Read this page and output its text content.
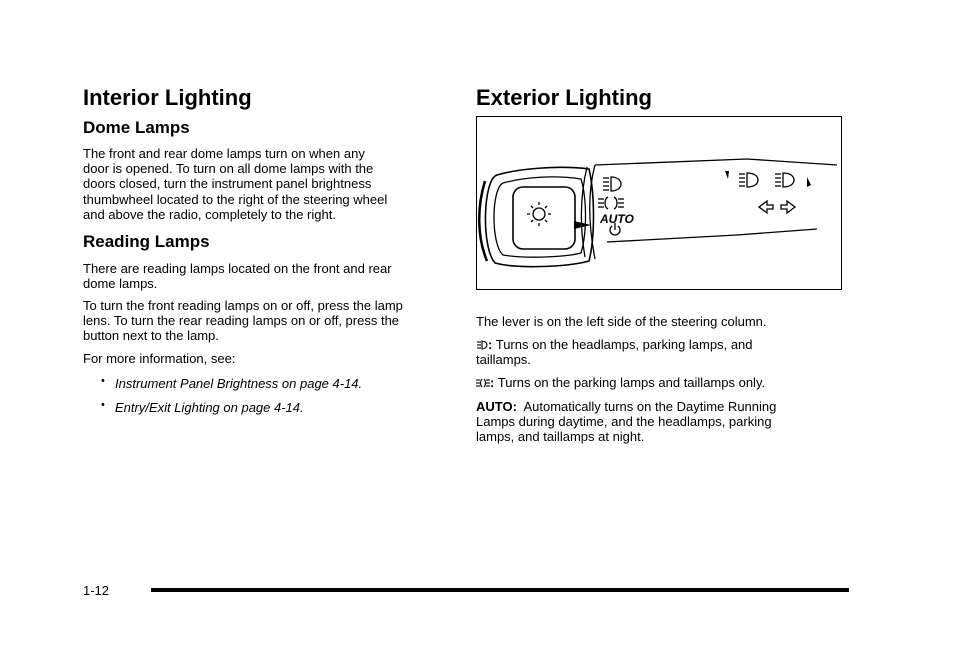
Interior Lighting
Dome Lamps
The front and rear dome lamps turn on when any
door is opened. To turn on all dome lamps with the
doors closed, turn the instrument panel brightness
thumbwheel located to the right of the steering wheel
and above the radio, completely to the right.
Reading Lamps
There are reading lamps located on the front and rear
dome lamps.
To turn the front reading lamps on or off, press the lamp
lens. To turn the rear reading lamps on or off, press the
button next to the lamp.
For more information, see:
• Instrument Panel Brightness on page 4-14.
• Entry/Exit Lighting on page 4-14.
Exterior Lighting
AUTO
The lever is on the left side of the steering column.
: Turns on the headlamps, parking lamps, and
taillamps.
: Turns on the parking lamps and taillamps only.
AUTO: Automatically turns on the Daytime Running
Lamps during daytime, and the headlamps, parking
lamps, and taillamps at night.
1-12
